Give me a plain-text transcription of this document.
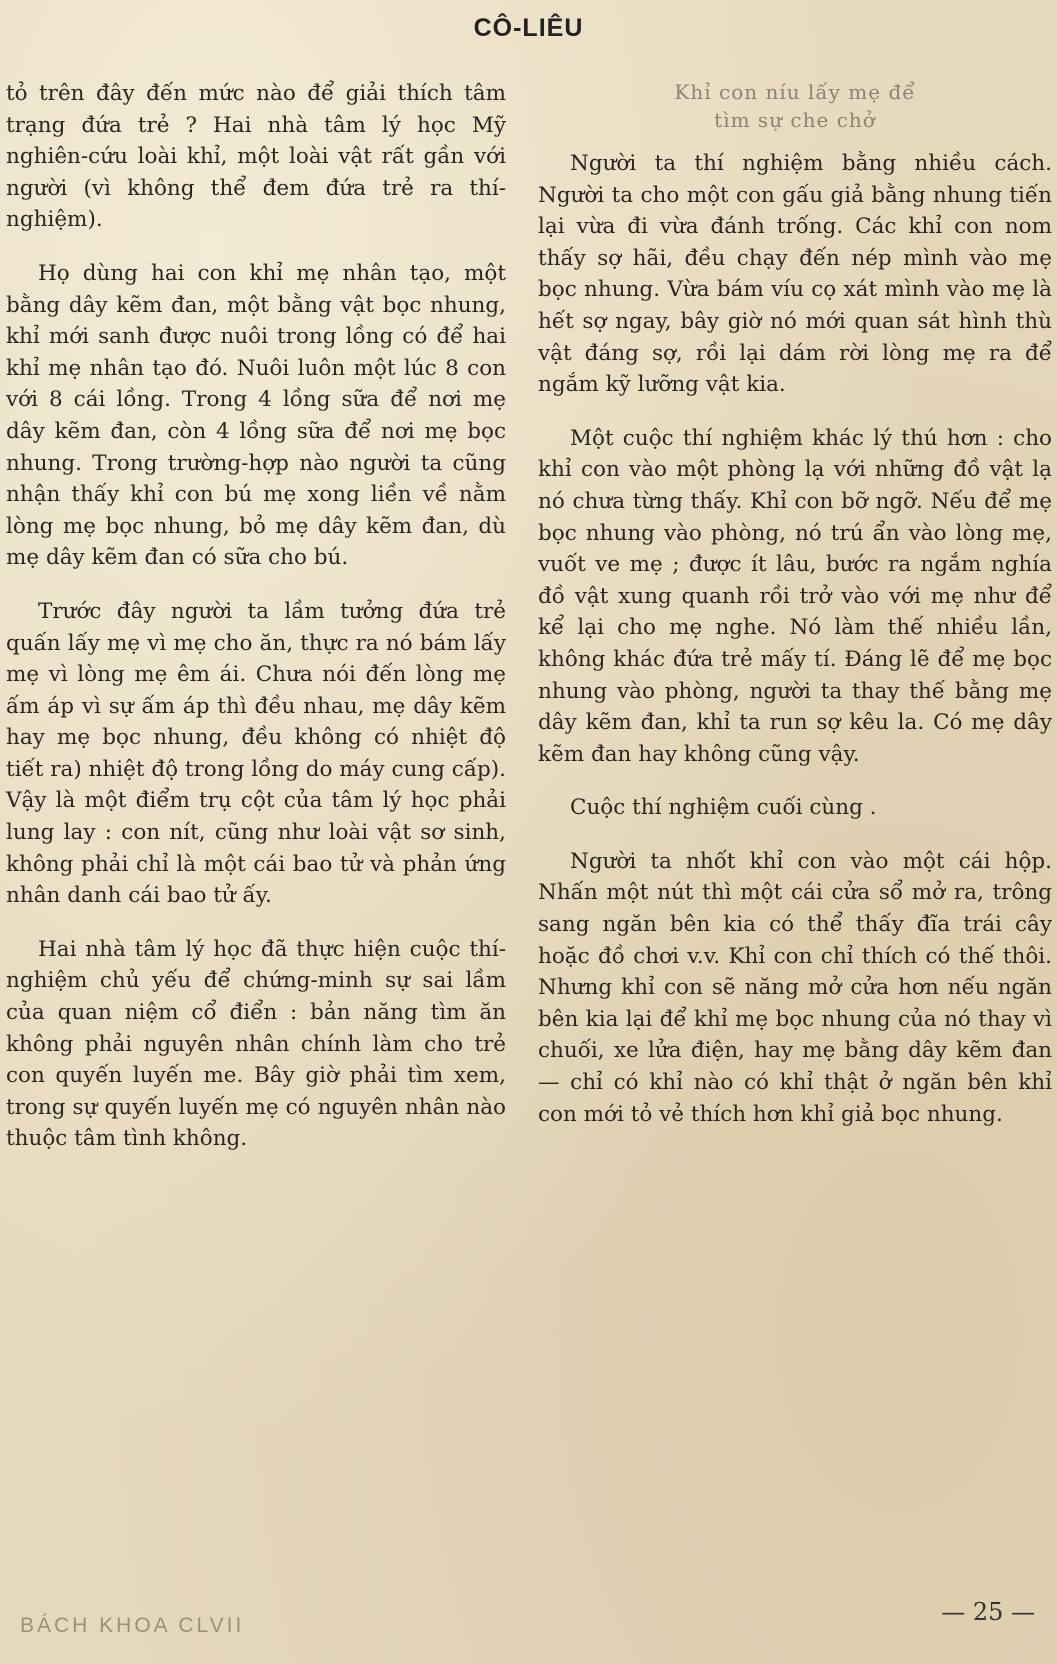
CÔ-LIÊU

tỏ trên đây đến mức nào để giải thích tâm trạng đứa trẻ ? Hai nhà tâm lý học Mỹ nghiên-cứu loài khỉ, một loài vật rất gần với người (vì không thể đem đứa trẻ ra thí-nghiệm).

Họ dùng hai con khỉ mẹ nhân tạo, một bằng dây kẽm đan, một bằng vật bọc nhung, khỉ mới sanh được nuôi trong lồng có để hai khỉ mẹ nhân tạo đó. Nuôi luôn một lúc 8 con với 8 cái lồng. Trong 4 lồng sữa để nơi mẹ dây kẽm đan, còn 4 lồng sữa để nơi mẹ bọc nhung. Trong trường-hợp nào người ta cũng nhận thấy khỉ con bú mẹ xong liền về nằm lòng mẹ bọc nhung, bỏ mẹ dây kẽm đan, dù mẹ dây kẽm đan có sữa cho bú.

Trước đây người ta lầm tưởng đứa trẻ quấn lấy mẹ vì mẹ cho ăn, thực ra nó bám lấy mẹ vì lòng mẹ êm ái. Chưa nói đến lòng mẹ ấm áp vì sự ấm áp thì đều nhau, mẹ dây kẽm hay mẹ bọc nhung, đều không có nhiệt độ tiết ra) nhiệt độ trong lồng do máy cung cấp). Vậy là một điểm trụ cột của tâm lý học phải lung lay : con nít, cũng như loài vật sơ sinh, không phải chỉ là một cái bao tử và phản ứng nhân danh cái bao tử ấy.

Hai nhà tâm lý học đã thực hiện cuộc thí-nghiệm chủ yếu để chứng-minh sự sai lầm của quan niệm cổ điển : bản năng tìm ăn không phải nguyên nhân chính làm cho trẻ con quyến luyến me. Bây giờ phải tìm xem, trong sự quyến luyến mẹ có nguyên nhân nào thuộc tâm tình không.

Khỉ con níu lấy mẹ để
tìm sự che chở

Người ta thí nghiệm bằng nhiều cách. Người ta cho một con gấu giả bằng nhung tiến lại vừa đi vừa đánh trống. Các khỉ con nom thấy sợ hãi, đều chạy đến nép mình vào mẹ bọc nhung. Vừa bám víu cọ xát mình vào mẹ là hết sợ ngay, bây giờ nó mới quan sát hình thù vật đáng sợ, rồi lại dám rời lòng mẹ ra để ngắm kỹ lưỡng vật kia.

Một cuộc thí nghiệm khác lý thú hơn : cho khỉ con vào một phòng lạ với những đồ vật lạ nó chưa từng thấy. Khỉ con bỡ ngỡ. Nếu để mẹ bọc nhung vào phòng, nó trú ẩn vào lòng mẹ, vuốt ve mẹ ; được ít lâu, bước ra ngắm nghía đồ vật xung quanh rồi trở vào với mẹ như để kể lại cho mẹ nghe. Nó làm thế nhiều lần, không khác đứa trẻ mấy tí. Đáng lẽ để mẹ bọc nhung vào phòng, người ta thay thế bằng mẹ dây kẽm đan, khỉ ta run sợ kêu la. Có mẹ dây kẽm đan hay không cũng vậy.

Cuộc thí nghiệm cuối cùng .

Người ta nhốt khỉ con vào một cái hộp. Nhấn một nút thì một cái cửa sổ mở ra, trông sang ngăn bên kia có thể thấy đĩa trái cây hoặc đồ chơi v.v. Khỉ con chỉ thích có thế thôi. Nhưng khỉ con sẽ năng mở cửa hơn nếu ngăn bên kia lại để khỉ mẹ bọc nhung của nó thay vì chuối, xe lửa điện, hay mẹ bằng dây kẽm đan — chỉ có khỉ nào có khỉ thật ở ngăn bên khỉ con mới tỏ vẻ thích hơn khỉ giả bọc nhung.

BÁCH KHOA CLVII	— 25 —
